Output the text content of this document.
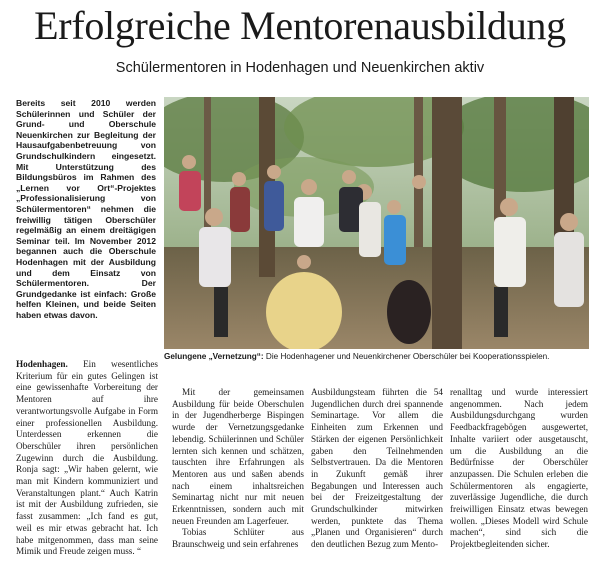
Erfolgreiche Mentorenausbildung
Schülermentoren in Hodenhagen und Neuenkirchen aktiv
Bereits seit 2010 werden Schülerinnen und Schüler der Grund- und Oberschule Neuenkirchen zur Begleitung der Hausaufgabenbetreuung von Grundschulkindern eingesetzt. Mit Unterstützung des Bildungsbüros im Rahmen des „Lernen vor Ort“-Projektes „Professionalisierung von Schülermentoren“ nehmen die freiwillig tätigen Oberschüler regelmäßig an einem dreitägigen Seminar teil. Im November 2012 begannen auch die Oberschule Hodenhagen mit der Ausbildung und dem Einsatz von Schülermentoren. Der Grundgedanke ist einfach: Große helfen Kleinen, und beide Seiten haben etwas davon.
Gelungene „Vernetzung“: Die Hodenhagener und Neuenkirchener Oberschüler bei Kooperationsspielen.

Hodenhagen. Ein wesentliches Kriterium für ein gutes Gelingen ist eine gewissenhafte Vorbereitung der Mentoren auf ihre verantwortungsvolle Aufgabe in Form einer professionellen Ausbildung. Unterdessen erkennen die Oberschüler ihren persönlichen Zugewinn durch die Ausbildung. Ronja sagt: „Wir haben gelernt, wie man mit Kindern kommuniziert und Veranstaltungen plant.“ Auch Katrin ist mit der Ausbildung zufrieden, sie fasst zusammen: „Ich fand es gut, weil es mir etwas gebracht hat. Ich habe mitgenommen, dass man seine Mimik und Freude zeigen muss. “

Mit der gemeinsamen Ausbildung für beide Oberschulen in der Jugendherberge Bispingen wurde der Vernetzungsgedanke lebendig. Schülerinnen und Schüler lernten sich kennen und schätzen, tauschten ihre Erfahrungen als Mentoren aus und saßen abends nach einem inhaltsreichen Seminartag nicht nur mit neuen Erkenntnissen, sondern auch mit neuen Freunden am Lagerfeuer.

Tobias Schlüter aus Braunschweig und sein erfahrenes

Ausbildungsteam führten die 54 Jugendlichen durch drei spannende Seminartage. Vor allem die Einheiten zum Erkennen und Stärken der eigenen Persönlichkeit gaben den Teilnehmenden Selbstvertrauen. Da die Mentoren in Zukunft gemäß ihrer Begabungen und Interessen auch bei der Freizeitgestaltung der Grundschulkinder mitwirken werden, punktete das Thema „Planen und Organisieren“ durch den deutlichen Bezug zum Mento-

renalltag und wurde interessiert angenommen. Nach jedem Ausbildungsdurchgang wurden Feedbackfragebögen ausgewertet, Inhalte variiert oder ausgetauscht, um die Ausbildung an die Bedürfnisse der Oberschüler anzupassen. Die Schulen erleben die Schülermentoren als engagierte, zuverlässige Jugendliche, die durch freiwilligen Einsatz etwas bewegen wollen. „Dieses Modell wird Schule machen“, sind sich die Projektbegleitenden sicher.
